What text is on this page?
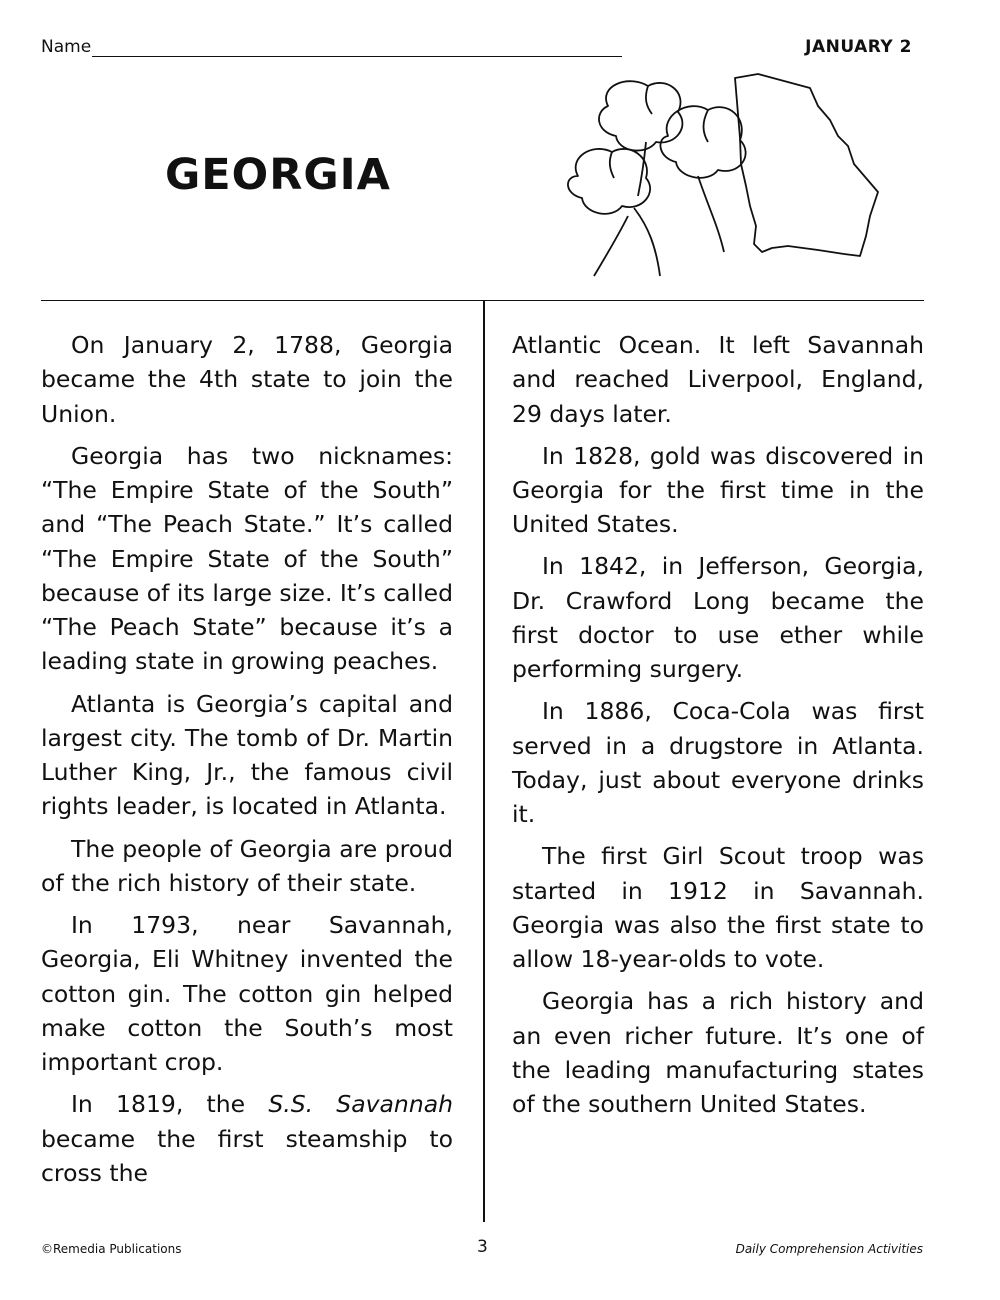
Name	JANUARY 2
GEORGIA

On January 2, 1788, Georgia became the 4th state to join the Union.

Georgia has two nicknames: “The Empire State of the South” and “The Peach State.” It’s called “The Empire State of the South” because of its large size. It’s called “The Peach State” because it’s a leading state in growing peaches.

Atlanta is Georgia’s capital and largest city. The tomb of Dr. Martin Luther King, Jr., the famous civil rights leader, is located in Atlanta.

The people of Georgia are proud of the rich history of their state.

In 1793, near Savannah, Georgia, Eli Whitney invented the cotton gin. The cotton gin helped make cotton the South’s most important crop.

In 1819, the S.S. Savannah became the first steamship to cross the

Atlantic Ocean. It left Savannah and reached Liverpool, England, 29 days later.

In 1828, gold was discovered in Georgia for the first time in the United States.

In 1842, in Jefferson, Georgia, Dr. Crawford Long became the first doctor to use ether while performing surgery.

In 1886, Coca-Cola was first served in a drugstore in Atlanta. Today, just about everyone drinks it.

The first Girl Scout troop was started in 1912 in Savannah. Georgia was also the first state to allow 18-year-olds to vote.

Georgia has a rich history and an even richer future. It’s one of the leading manufacturing states of the southern United States.

©Remedia Publications	3	Daily Comprehension Activities
